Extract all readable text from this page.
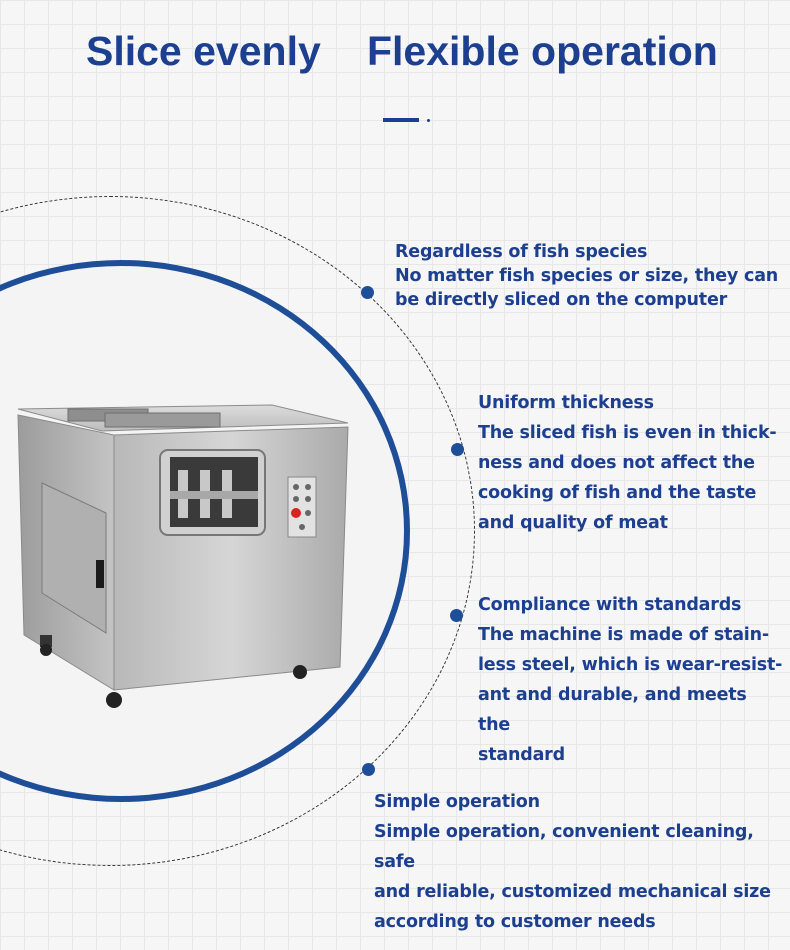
Slice evenly Flexible operation
Regardless of fish species
No matter fish species or size, they can
be directly sliced on the computer
Uniform thickness
The sliced fish is even in thick-
ness and does not affect the
cooking of fish and the taste
and quality of meat
Compliance with standards
The machine is made of stain-
less steel, which is wear-resist-
ant and durable, and meets the
standard
Simple operation
Simple operation, convenient cleaning, safe
and reliable, customized mechanical size
according to customer needs
